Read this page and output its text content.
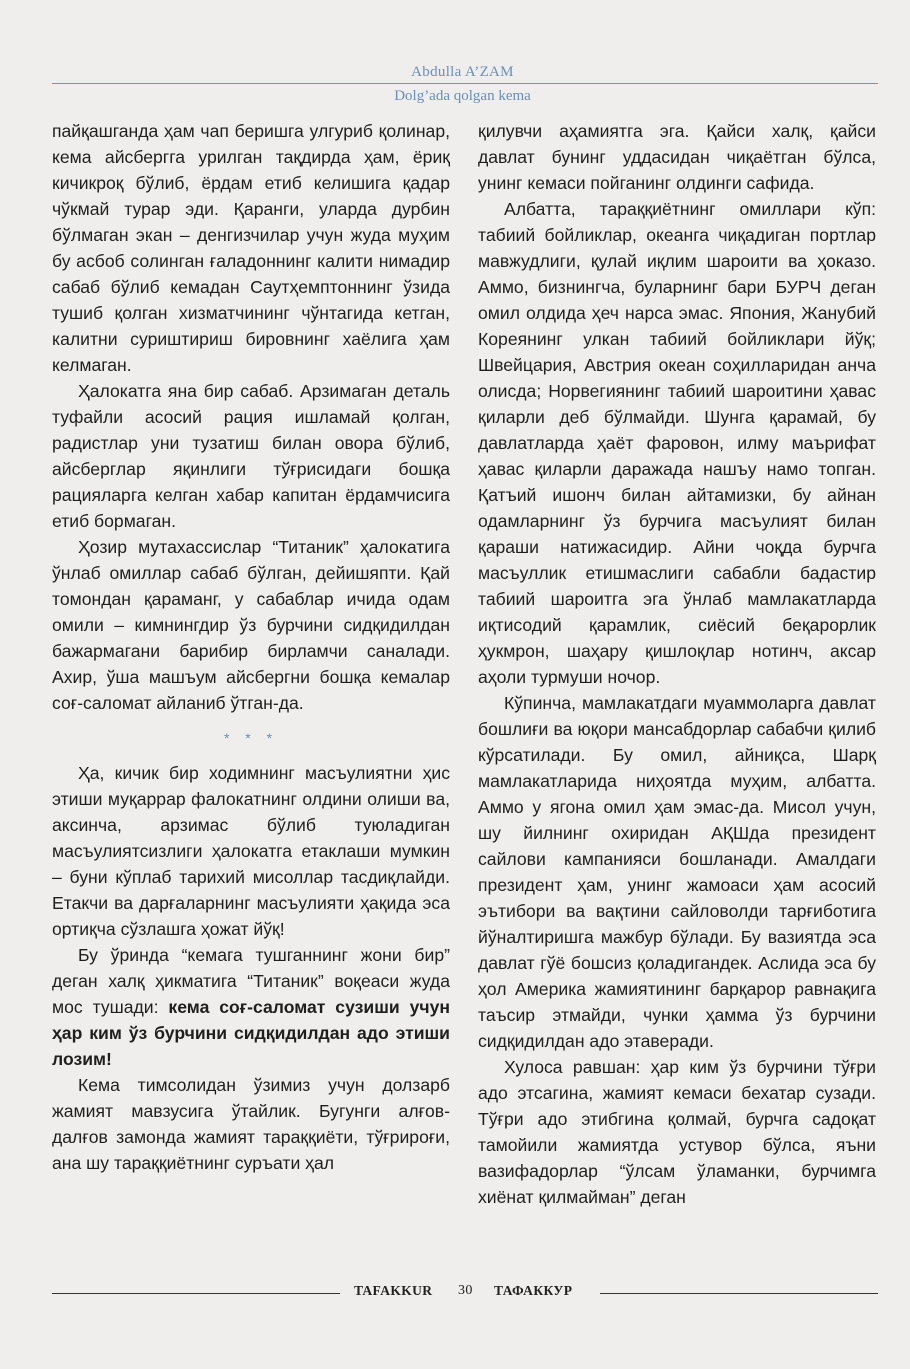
Abdulla A’ZAM
Dolg’ada qolgan kema

пайқашганда ҳам чап беришга улгуриб қолинар, кема айсбергга урилган тақдирда ҳам, ёриқ кичикроқ бўлиб, ёрдам етиб келишига қадар чўкмай турар эди. Қаранги, уларда дурбин бўлмаган экан – денгизчилар учун жуда муҳим бу асбоб солинган ғаладоннинг калити нимадир сабаб бўлиб кемадан Саутҳемптоннинг ўзида тушиб қолган хизматчининг чўнтагида кетган, калитни суриштириш бировнинг хаёлига ҳам келмаган.

Ҳалокатга яна бир сабаб. Арзимаган деталь туфайли асосий рация ишламай қолган, радистлар уни тузатиш билан овора бўлиб, айсберглар яқинлиги тўғрисидаги бошқа рацияларга келган хабар капитан ёрдамчисига етиб бормаган.

Ҳозир мутахассислар “Титаник” ҳалокатига ўнлаб омиллар сабаб бўлган, дейишяпти. Қай томондан қараманг, у сабаблар ичида одам омили – кимнингдир ўз бурчини сидқидилдан бажармагани барибир бирламчи саналади. Ахир, ўша машъум айсбергни бошқа кемалар соғ-саломат айланиб ўтган-да.

* * *

Ҳа, кичик бир ходимнинг масъулиятни ҳис этиши муқаррар фалокатнинг олдини олиши ва, аксинча, арзимас бўлиб туюладиган масъулиятсизлиги ҳалокатга етаклаши мумкин – буни кўплаб тарихий мисоллар тасдиқлайди. Етакчи ва дарғаларнинг масъулияти ҳақида эса ортиқча сўзлашга ҳожат йўқ!

Бу ўринда “кемага тушганнинг жони бир” деган халқ ҳикматига “Титаник” воқеаси жуда мос тушади: кема соғ-саломат сузиши учун ҳар ким ўз бурчини сидқидилдан адо этиши лозим!

Кема тимсолидан ўзимиз учун долзарб жамият мавзусига ўтайлик. Бугунги алғов-далғов замонда жамият тараққиёти, тўғрироғи, ана шу тараққиётнинг суръати ҳал

қилувчи аҳамиятга эга. Қайси халқ, қайси давлат бунинг уддасидан чиқаётган бўлса, унинг кемаси пойганинг олдинги сафида.

Албатта, тараққиётнинг омиллари кўп: табиий бойликлар, океанга чиқадиган портлар мавжудлиги, қулай иқлим шароити ва ҳоказо. Аммо, бизнингча, буларнинг бари БУРЧ деган омил олдида ҳеч нарса эмас. Япония, Жанубий Кореянинг улкан табиий бойликлари йўқ; Швейцария, Австрия океан соҳилларидан анча олисда; Норвегиянинг табиий шароитини ҳавас қиларли деб бўлмайди. Шунга қарамай, бу давлатларда ҳаёт фаровон, илму маърифат ҳавас қиларли даражада нашъу намо топган. Қатъий ишонч билан айтамизки, бу айнан одамларнинг ўз бурчига масъулият билан қараши натижасидир. Айни чоқда бурчга масъуллик етишмаслиги сабабли бадастир табиий шароитга эга ўнлаб мамлакатларда иқтисодий қарамлик, сиёсий беқарорлик ҳукмрон, шаҳару қишлоқлар нотинч, аксар аҳоли турмуши ночор.

Кўпинча, мамлакатдаги муаммоларга давлат бошлиғи ва юқори мансабдорлар сабабчи қилиб кўрсатилади. Бу омил, айниқса, Шарқ мамлакатларида ниҳоятда муҳим, албатта. Аммо у ягона омил ҳам эмас-да. Мисол учун, шу йилнинг охиридан АҚШда президент сайлови кампанияси бошланади. Амалдаги президент ҳам, унинг жамоаси ҳам асосий эътибори ва вақтини сайловолди тарғиботига йўналтиришга мажбур бўлади. Бу вазиятда эса давлат гўё бошсиз қоладигандек. Аслида эса бу ҳол Америка жамиятининг барқарор равнақига таъсир этмайди, чунки ҳамма ўз бурчини сидқидилдан адо этаверади.

Хулоса равшан: ҳар ким ўз бурчини тўғри адо этсагина, жамият кемаси бехатар сузади. Тўғри адо этибгина қолмай, бурчга садоқат тамойили жамиятда устувор бўлса, яъни вазифадорлар “ўлсам ўламанки, бурчимга хиёнат қилмайман” деган

TAFAKKUR 30 ТАФАККУР
